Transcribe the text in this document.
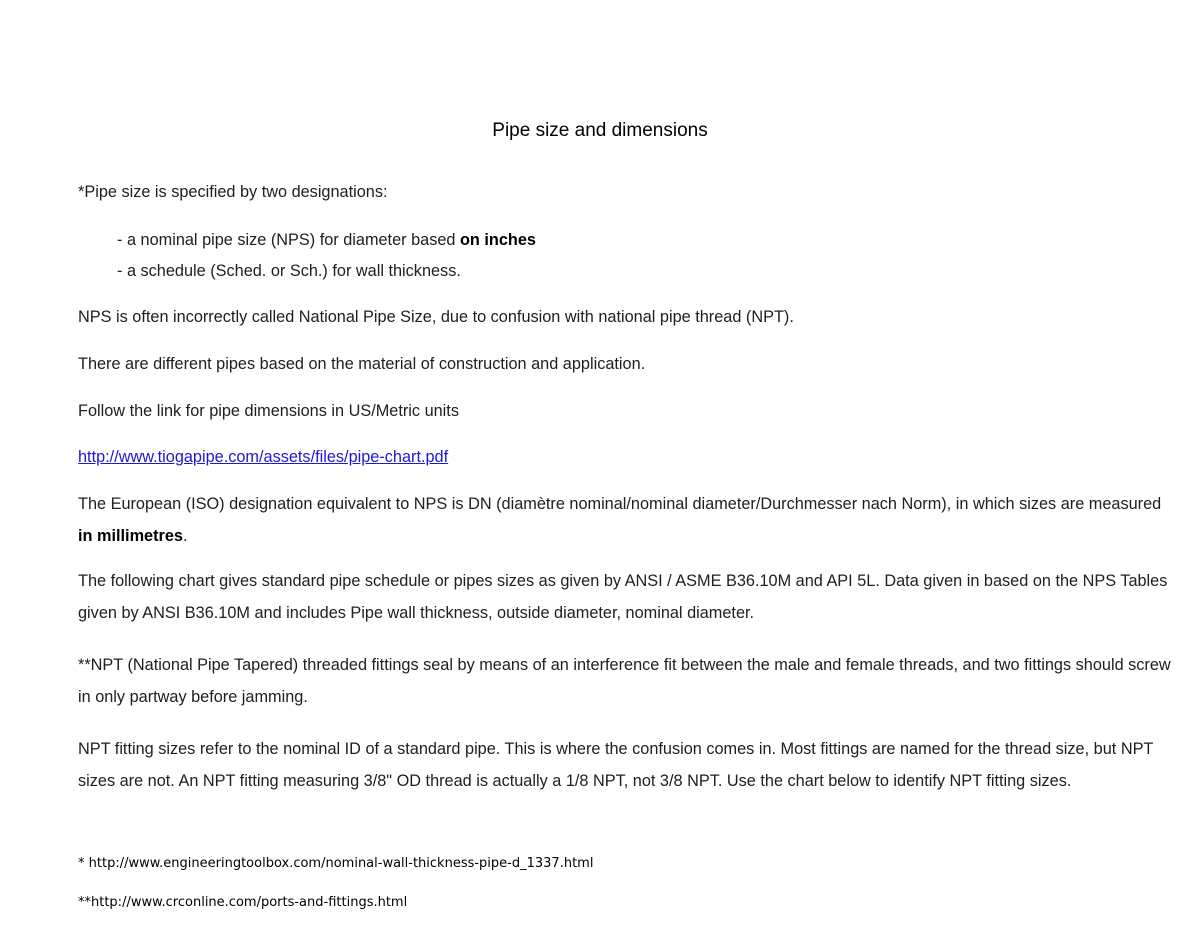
Pipe size and dimensions

*Pipe size is specified by two designations:

- a nominal pipe size (NPS) for diameter based on inches

- a schedule (Sched. or Sch.) for wall thickness.

NPS is often incorrectly called National Pipe Size, due to confusion with national pipe thread (NPT).

There are different pipes based on the material of construction and application.

Follow the link for pipe dimensions in US/Metric units

http://www.tiogapipe.com/assets/files/pipe-chart.pdf

The European (ISO) designation equivalent to NPS is DN (diamètre nominal/nominal diameter/Durchmesser nach Norm), in which sizes are measured in millimetres.

The following chart gives standard pipe schedule or pipes sizes as given by ANSI / ASME B36.10M and API 5L. Data given in based on the NPS Tables given by ANSI B36.10M and includes Pipe wall thickness, outside diameter, nominal diameter.

**NPT (National Pipe Tapered) threaded fittings seal by means of an interference fit between the male and female threads, and two fittings should screw in only partway before jamming.

NPT fitting sizes refer to the nominal ID of a standard pipe. This is where the confusion comes in. Most fittings are named for the thread size, but NPT sizes are not. An NPT fitting measuring 3/8" OD thread is actually a 1/8 NPT, not 3/8 NPT. Use the chart below to identify NPT fitting sizes.

* http://www.engineeringtoolbox.com/nominal-wall-thickness-pipe-d_1337.html

**http://www.crconline.com/ports-and-fittings.html
